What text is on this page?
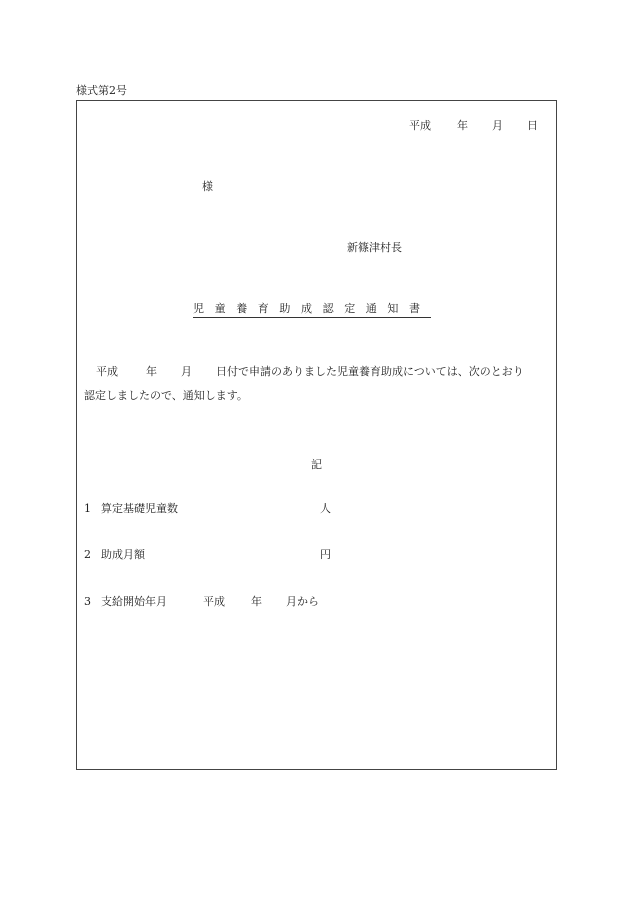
様式第2号
平成 年 月 日
様
新篠津村長
児童養育助成認定通知書
平成	年 月 日付で申請のありました児童養育助成については、次のとおり
認定しましたので、通知します。
記
1 算定基礎児童数	人
2 助成月額	円
3 支給開始年月	平成 年 月から
